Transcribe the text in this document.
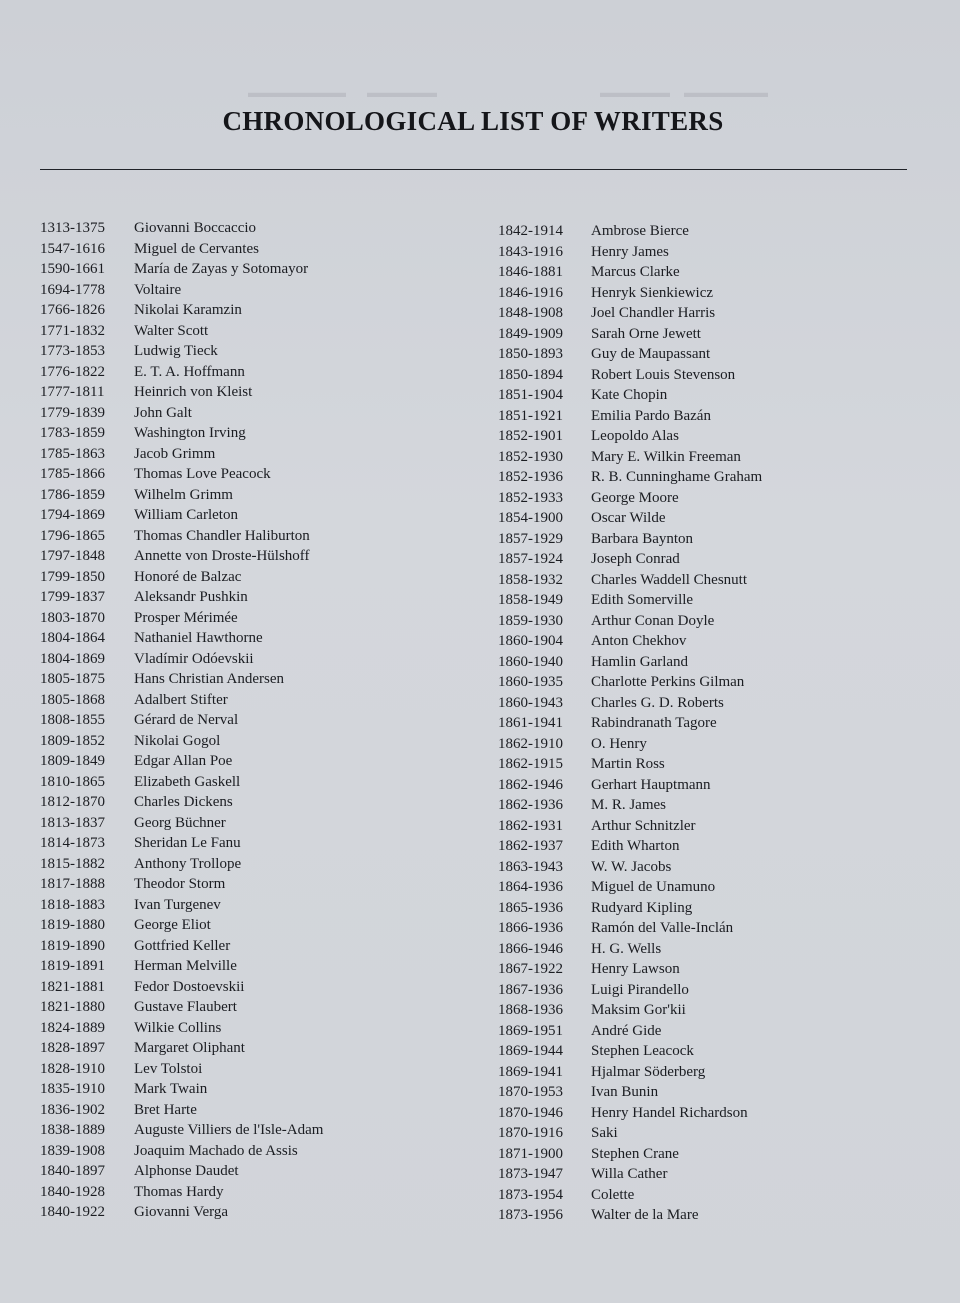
▬▬▬▬▬▬▬      ▬▬▬▬▬	▬▬▬▬▬    ▬▬▬▬▬▬
CHRONOLOGICAL LIST OF WRITERS
1313-1375 Giovanni Boccaccio
1547-1616 Miguel de Cervantes
1590-1661 María de Zayas y Sotomayor
1694-1778 Voltaire
1766-1826 Nikolai Karamzin
1771-1832 Walter Scott
1773-1853 Ludwig Tieck
1776-1822 E. T. A. Hoffmann
1777-1811 Heinrich von Kleist
1779-1839 John Galt
1783-1859 Washington Irving
1785-1863 Jacob Grimm
1785-1866 Thomas Love Peacock
1786-1859 Wilhelm Grimm
1794-1869 William Carleton
1796-1865 Thomas Chandler Haliburton
1797-1848 Annette von Droste-Hülshoff
1799-1850 Honoré de Balzac
1799-1837 Aleksandr Pushkin
1803-1870 Prosper Mérimée
1804-1864 Nathaniel Hawthorne
1804-1869 Vladímir Odóevskii
1805-1875 Hans Christian Andersen
1805-1868 Adalbert Stifter
1808-1855 Gérard de Nerval
1809-1852 Nikolai Gogol
1809-1849 Edgar Allan Poe
1810-1865 Elizabeth Gaskell
1812-1870 Charles Dickens
1813-1837 Georg Büchner
1814-1873 Sheridan Le Fanu
1815-1882 Anthony Trollope
1817-1888 Theodor Storm
1818-1883 Ivan Turgenev
1819-1880 George Eliot
1819-1890 Gottfried Keller
1819-1891 Herman Melville
1821-1881 Fedor Dostoevskii
1821-1880 Gustave Flaubert
1824-1889 Wilkie Collins
1828-1897 Margaret Oliphant
1828-1910 Lev Tolstoi
1835-1910 Mark Twain
1836-1902 Bret Harte
1838-1889 Auguste Villiers de l'Isle-Adam
1839-1908 Joaquim Machado de Assis
1840-1897 Alphonse Daudet
1840-1928 Thomas Hardy
1840-1922 Giovanni Verga
1842-1914 Ambrose Bierce
1843-1916 Henry James
1846-1881 Marcus Clarke
1846-1916 Henryk Sienkiewicz
1848-1908 Joel Chandler Harris
1849-1909 Sarah Orne Jewett
1850-1893 Guy de Maupassant
1850-1894 Robert Louis Stevenson
1851-1904 Kate Chopin
1851-1921 Emilia Pardo Bazán
1852-1901 Leopoldo Alas
1852-1930 Mary E. Wilkin Freeman
1852-1936 R. B. Cunninghame Graham
1852-1933 George Moore
1854-1900 Oscar Wilde
1857-1929 Barbara Baynton
1857-1924 Joseph Conrad
1858-1932 Charles Waddell Chesnutt
1858-1949 Edith Somerville
1859-1930 Arthur Conan Doyle
1860-1904 Anton Chekhov
1860-1940 Hamlin Garland
1860-1935 Charlotte Perkins Gilman
1860-1943 Charles G. D. Roberts
1861-1941 Rabindranath Tagore
1862-1910 O. Henry
1862-1915 Martin Ross
1862-1946 Gerhart Hauptmann
1862-1936 M. R. James
1862-1931 Arthur Schnitzler
1862-1937 Edith Wharton
1863-1943 W. W. Jacobs
1864-1936 Miguel de Unamuno
1865-1936 Rudyard Kipling
1866-1936 Ramón del Valle-Inclán
1866-1946 H. G. Wells
1867-1922 Henry Lawson
1867-1936 Luigi Pirandello
1868-1936 Maksim Gor'kii
1869-1951 André Gide
1869-1944 Stephen Leacock
1869-1941 Hjalmar Söderberg
1870-1953 Ivan Bunin
1870-1946 Henry Handel Richardson
1870-1916 Saki
1871-1900 Stephen Crane
1873-1947 Willa Cather
1873-1954 Colette
1873-1956 Walter de la Mare
